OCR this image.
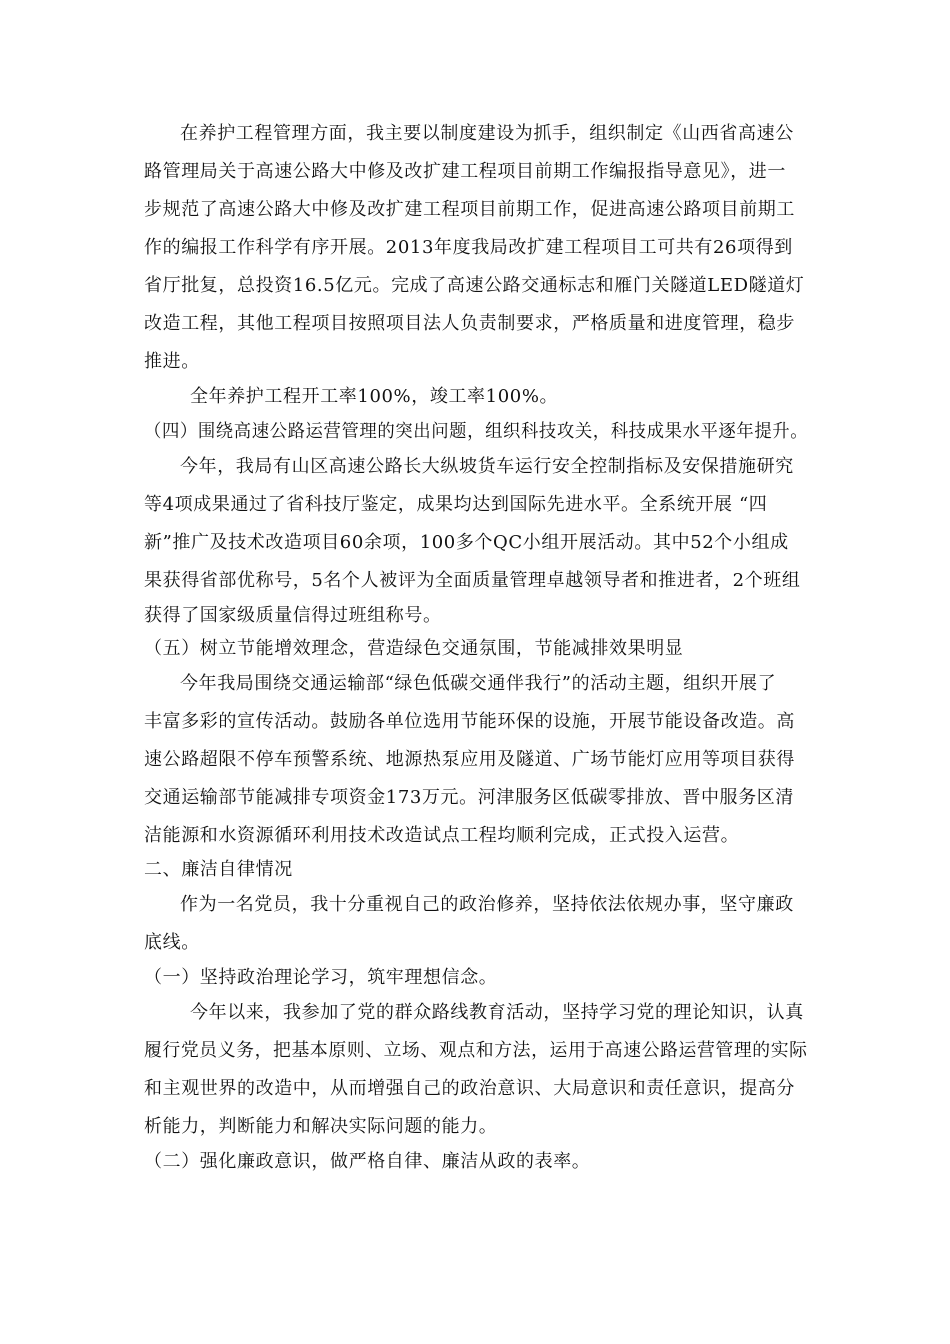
在养护工程管理方面，我主要以制度建设为抓手，组织制定《山西省高速公
路管理局关于高速公路大中修及改扩建工程项目前期工作编报指导意见》，进一
步规范了高速公路大中修及改扩建工程项目前期工作，促进高速公路项目前期工
作的编报工作科学有序开展。2013年度我局改扩建工程项目工可共有26项得到
省厅批复，总投资16.5亿元。完成了高速公路交通标志和雁门关隧道LED隧道灯
改造工程，其他工程项目按照项目法人负责制要求，严格质量和进度管理，稳步
推进。
全年养护工程开工率100%，竣工率100%。
（四）围绕高速公路运营管理的突出问题，组织科技攻关，科技成果水平逐年提升。
今年，我局有山区高速公路长大纵坡货车运行安全控制指标及安保措施研究
等4项成果通过了省科技厅鉴定，成果均达到国际先进水平。全系统开展 “四
新”推广及技术改造项目60余项，100多个QC小组开展活动。其中52个小组成
果获得省部优称号，5名个人被评为全面质量管理卓越领导者和推进者，2个班组
获得了国家级质量信得过班组称号。
（五）树立节能增效理念，营造绿色交通氛围，节能减排效果明显
今年我局围绕交通运输部“绿色低碳交通伴我行”的活动主题，组织开展了
丰富多彩的宣传活动。鼓励各单位选用节能环保的设施，开展节能设备改造。高
速公路超限不停车预警系统、地源热泵应用及隧道、广场节能灯应用等项目获得
交通运输部节能减排专项资金173万元。河津服务区低碳零排放、晋中服务区清
洁能源和水资源循环利用技术改造试点工程均顺利完成，正式投入运营。
二、廉洁自律情况
作为一名党员，我十分重视自己的政治修养，坚持依法依规办事，坚守廉政
底线。
（一）坚持政治理论学习，筑牢理想信念。
今年以来，我参加了党的群众路线教育活动，坚持学习党的理论知识，认真
履行党员义务，把基本原则、立场、观点和方法，运用于高速公路运营管理的实际
和主观世界的改造中，从而增强自己的政治意识、大局意识和责任意识，提高分
析能力，判断能力和解决实际问题的能力。
（二）强化廉政意识，做严格自律、廉洁从政的表率。
